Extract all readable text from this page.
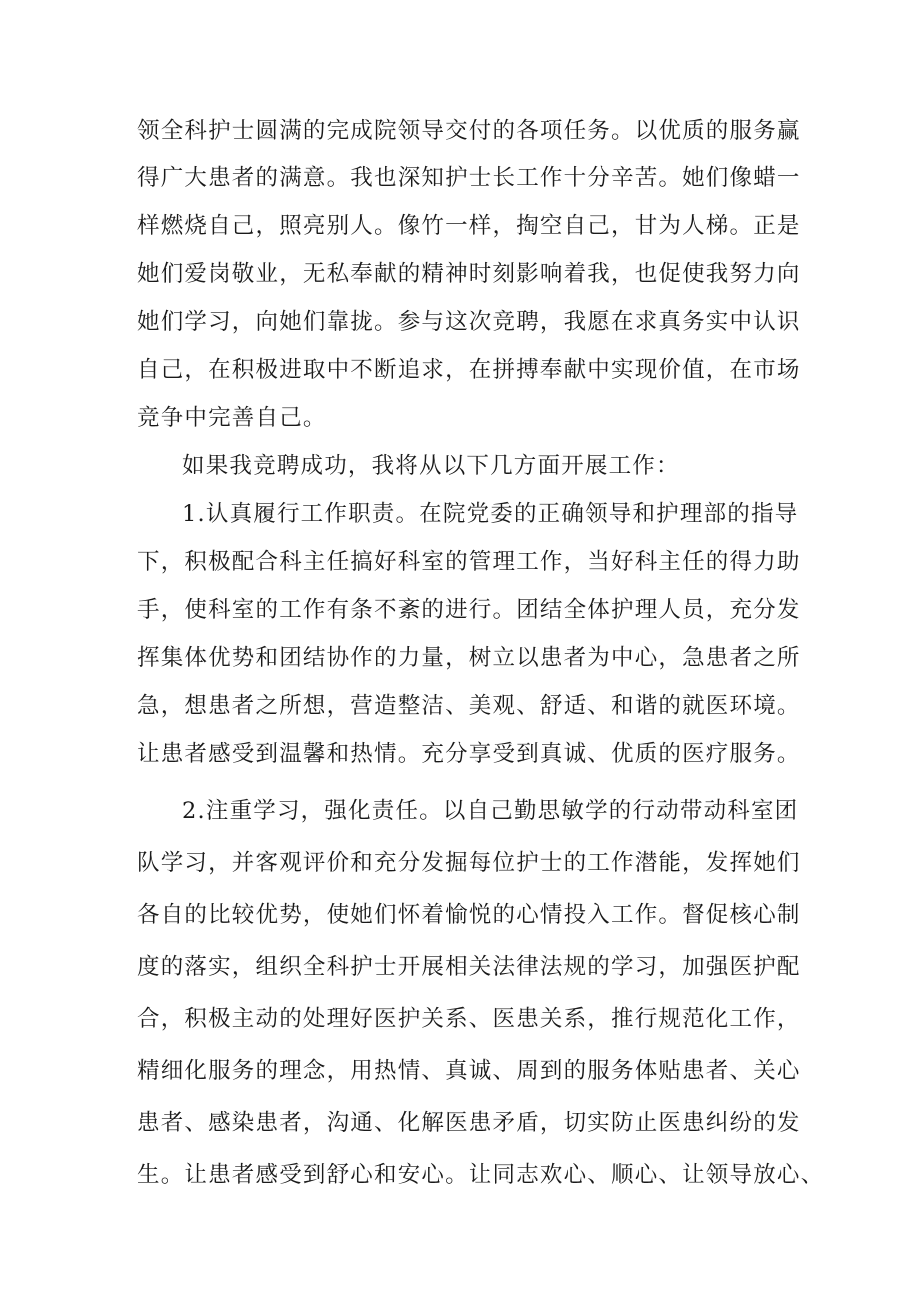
领全科护士圆满的完成院领导交付的各项任务。以优质的服务赢
得广大患者的满意。我也深知护士长工作十分辛苦。她们像蜡一
样燃烧自己，照亮别人。像竹一样，掏空自己，甘为人梯。正是
她们爱岗敬业，无私奉献的精神时刻影响着我，也促使我努力向
她们学习，向她们靠拢。参与这次竞聘，我愿在求真务实中认识
自己，在积极进取中不断追求，在拼搏奉献中实现价值，在市场
竞争中完善自己。
如果我竞聘成功，我将从以下几方面开展工作：
1.认真履行工作职责。在院党委的正确领导和护理部的指导
下，积极配合科主任搞好科室的管理工作，当好科主任的得力助
手，使科室的工作有条不紊的进行。团结全体护理人员，充分发
挥集体优势和团结协作的力量，树立以患者为中心，急患者之所
急，想患者之所想，营造整洁、美观、舒适、和谐的就医环境。
让患者感受到温馨和热情。充分享受到真诚、优质的医疗服务。
2.注重学习，强化责任。以自己勤思敏学的行动带动科室团
队学习，并客观评价和充分发掘每位护士的工作潜能，发挥她们
各自的比较优势，使她们怀着愉悦的心情投入工作。督促核心制
度的落实，组织全科护士开展相关法律法规的学习，加强医护配
合，积极主动的处理好医护关系、医患关系，推行规范化工作，
精细化服务的理念，用热情、真诚、周到的服务体贴患者、关心
患者、感染患者，沟通、化解医患矛盾，切实防止医患纠纷的发
生。让患者感受到舒心和安心。让同志欢心、顺心、让领导放心、
